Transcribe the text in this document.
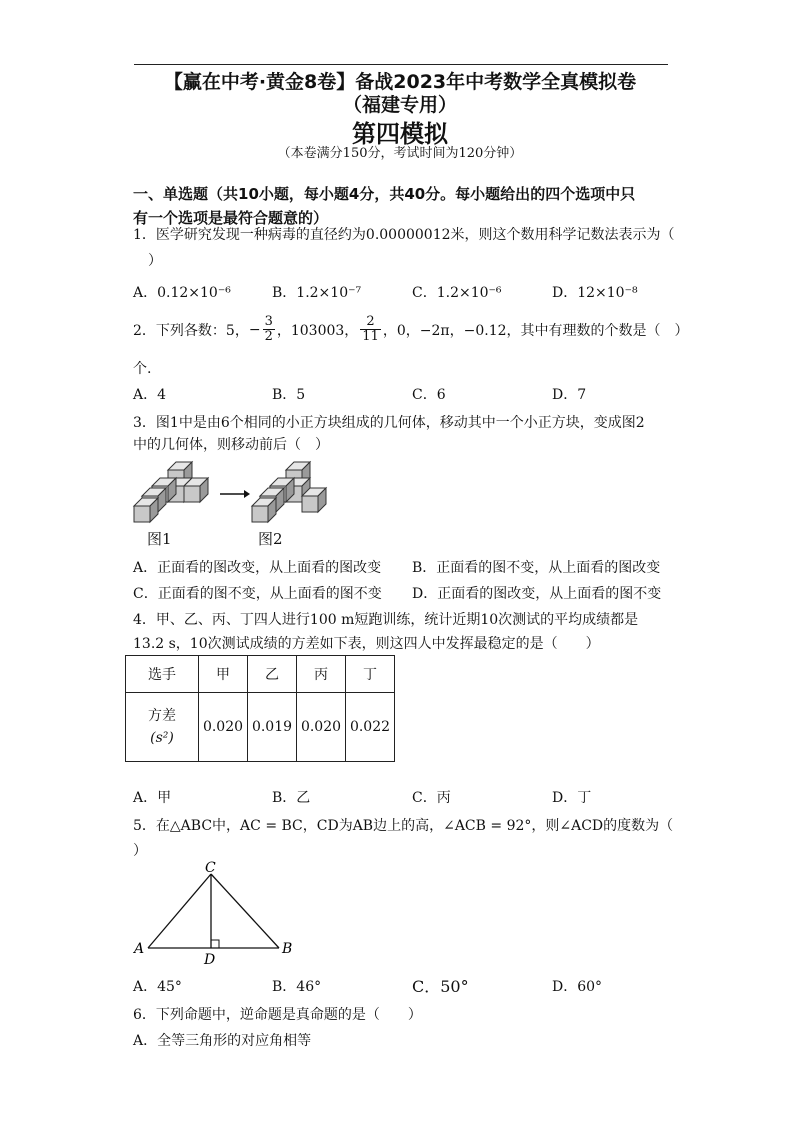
【赢在中考·黄金8卷】备战2023年中考数学全真模拟卷
（福建专用）
第四模拟
（本卷满分150分，考试时间为120分钟）
一、单选题（共10小题，每小题4分，共40分。每小题给出的四个选项中只
有一个选项是最符合题意的）
1．医学研究发现一种病毒的直径约为0.00000012米，则这个数用科学记数法表示为（
）
A．0.12×10⁻⁶	B．1.2×10⁻⁷	C．1.2×10⁻⁶	D．12×10⁻⁸
2．下列各数：5， − $\frac{3}{2}$ ，103003， $\frac{2}{11}$ ，0， −2π，−0.12，其中有理数的个数是（　）
个.
A．4	B．5	C．6	D．7
3．图1中是由6个相同的小正方块组成的几何体，移动其中一个小正方块，变成图2
中的几何体，则移动前后（　）
图1	图2
A．正面看的图改变，从上面看的图改变 B．正面看的图不变，从上面看的图改变
C．正面看的图不变，从上面看的图不变 D．正面看的图改变，从上面看的图不变
4．甲、乙、丙、丁四人进行100 m短跑训练，统计近期10次测试的平均成绩都是
13.2 s，10次测试成绩的方差如下表，则这四人中发挥最稳定的是（　　）
选手	甲	乙	丙	丁

方差
(s²)	0.020	0.019	0.020	0.022
A．甲	B．乙	C．丙	D．丁
5．在△ABC中，AC = BC，CD为AB边上的高，∠ACB = 92°，则∠ACD的度数为（
）
C
A	B
D
A．45°	B．46°	C．50°	D．60°
6．下列命题中，逆命题是真命题的是（　　）
A．全等三角形的对应角相等
